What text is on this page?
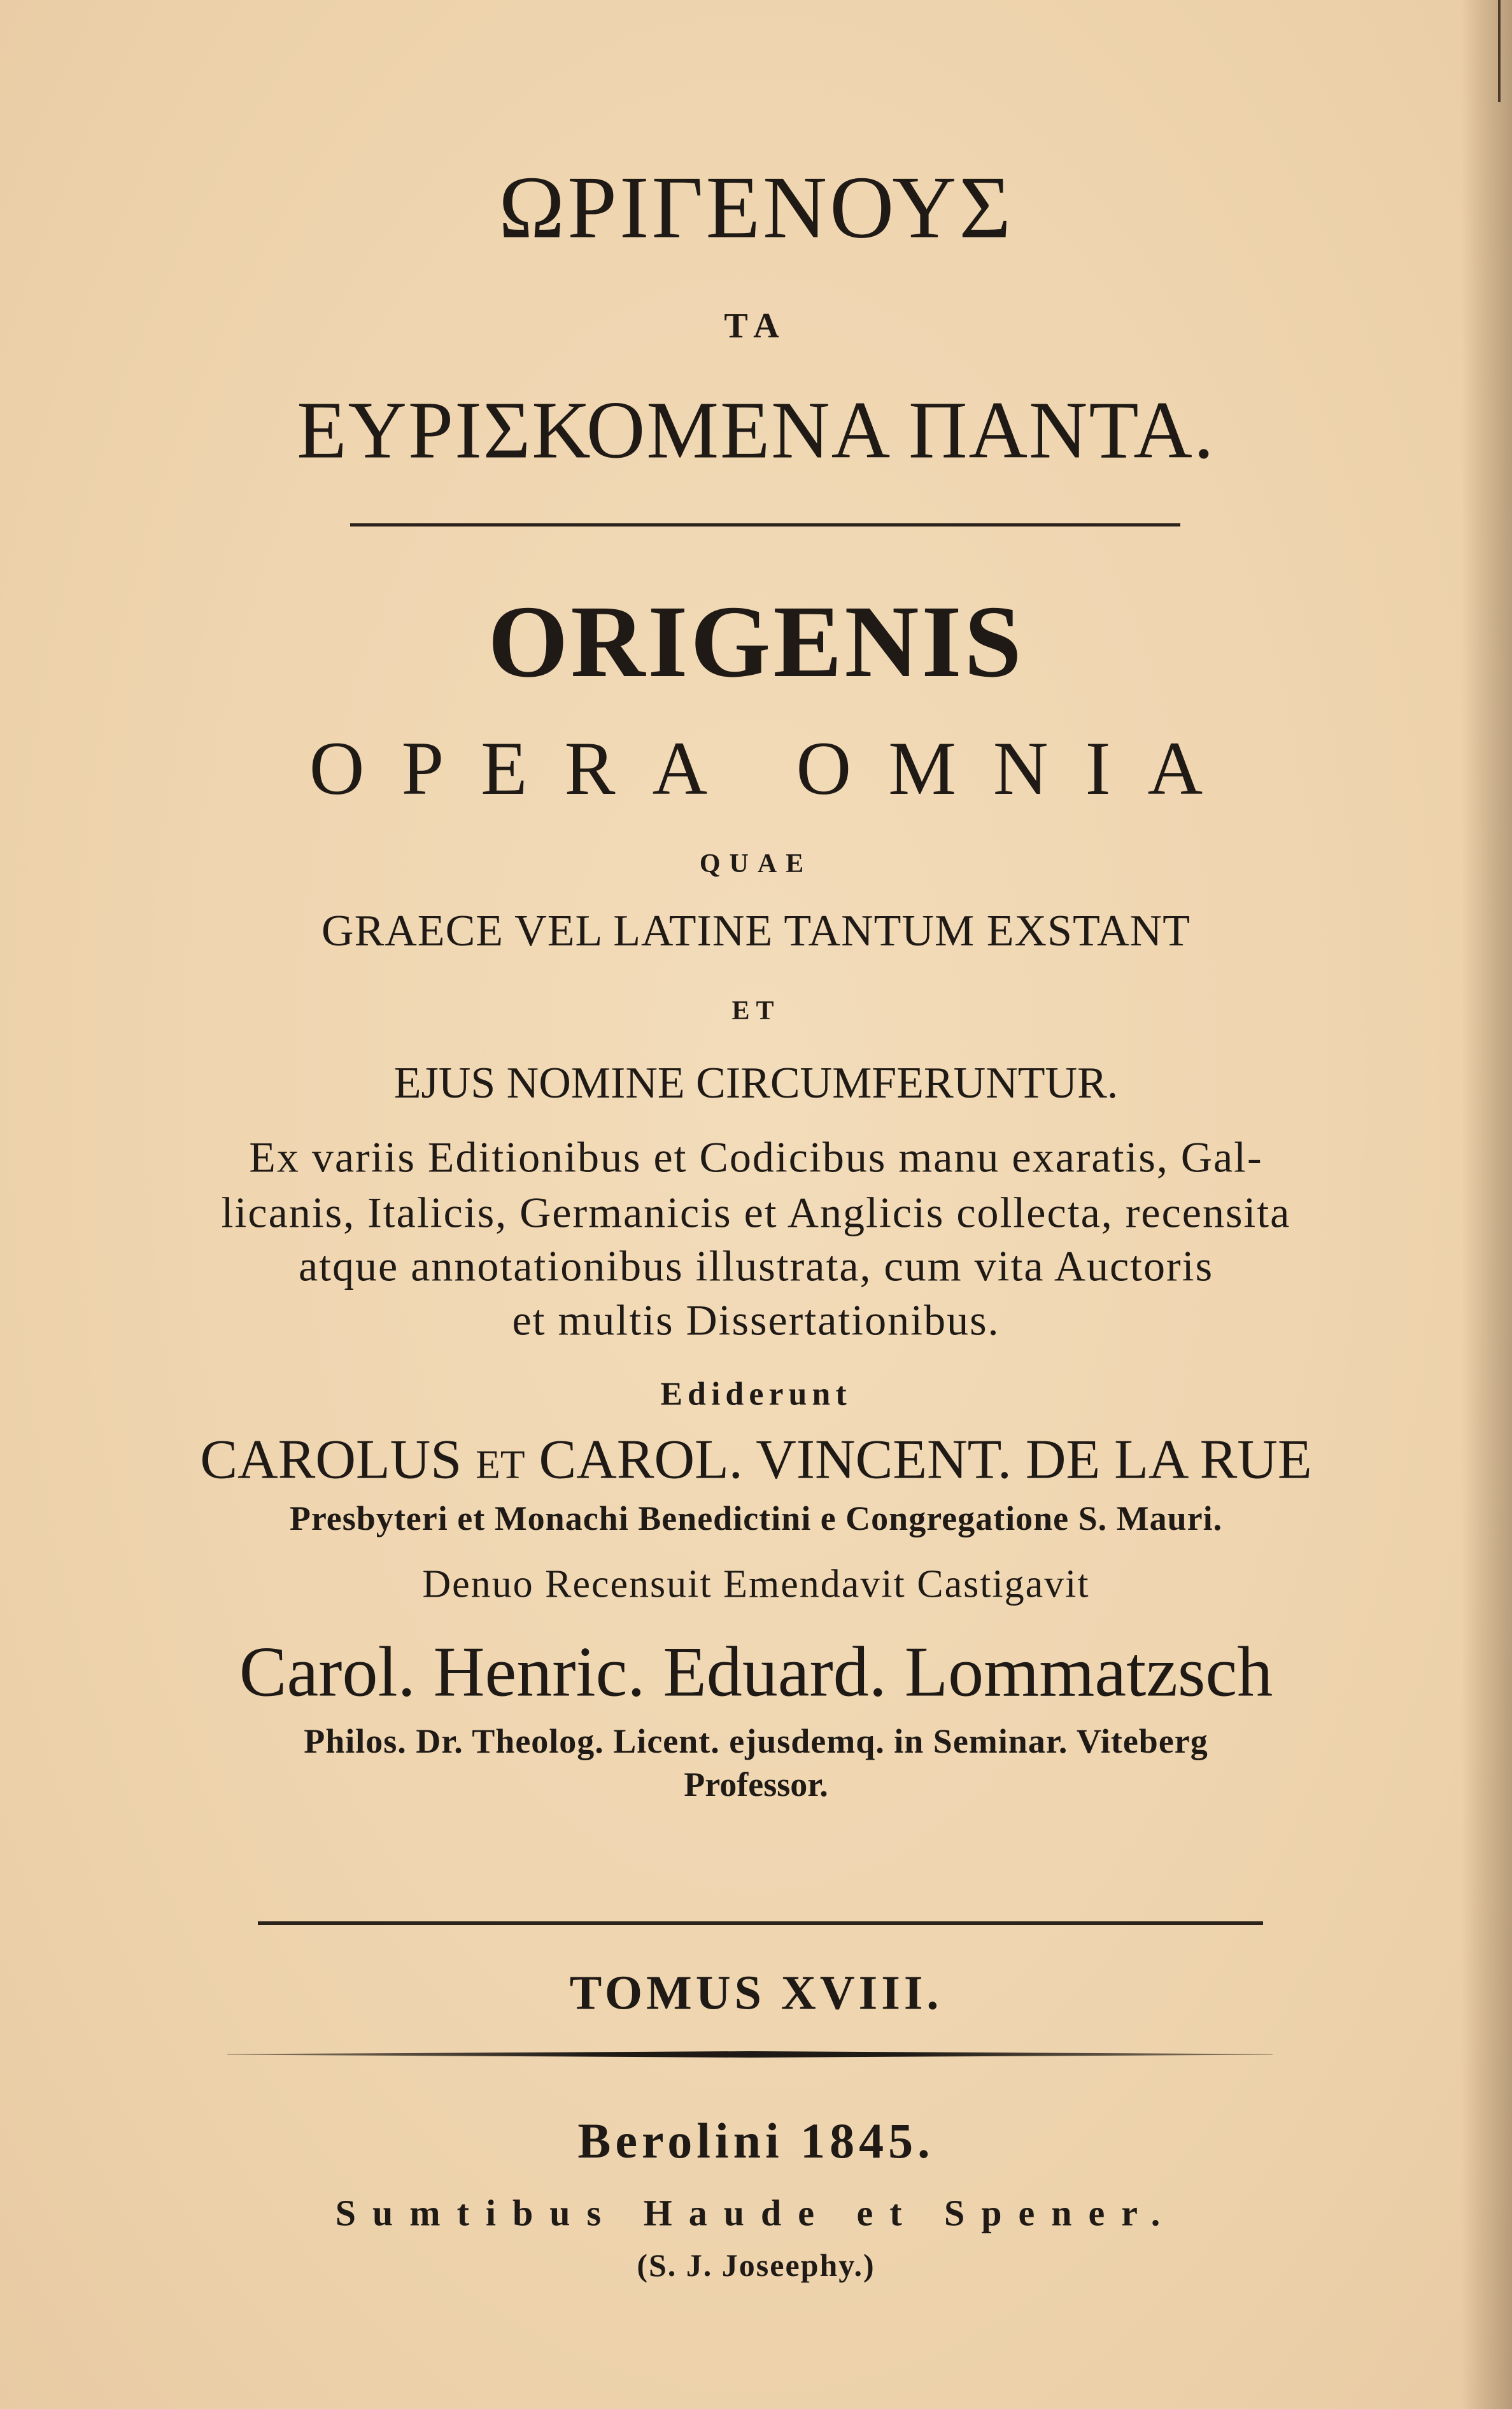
ΩΡΙΓΕΝΟΥΣ
ΤΑ
ΕΥΡΙΣΚΟΜΕΝΑ ΠΑΝΤΑ.
ORIGENIS
OPERA OMNIA
QUAE
GRAECE VEL LATINE TANTUM EXSTANT
ET
EJUS NOMINE CIRCUMFERUNTUR.
Ex variis Editionibus et Codicibus manu exaratis, Gal-
licanis, Italicis, Germanicis et Anglicis collecta, recensita
atque annotationibus illustrata, cum vita Auctoris
et multis Dissertationibus.
Ediderunt
CAROLUS ET CAROL. VINCENT. DE LA RUE
Presbyteri et Monachi Benedictini e Congregatione S. Mauri.
Denuo Recensuit Emendavit Castigavit
Carol. Henric. Eduard. Lommatzsch
Philos. Dr. Theolog. Licent. ejusdemq. in Seminar. Viteberg
Professor.
TOMUS XVIII.
Berolini 1845.
Sumtibus Haude et Spener.
(S. J. Joseephy.)
